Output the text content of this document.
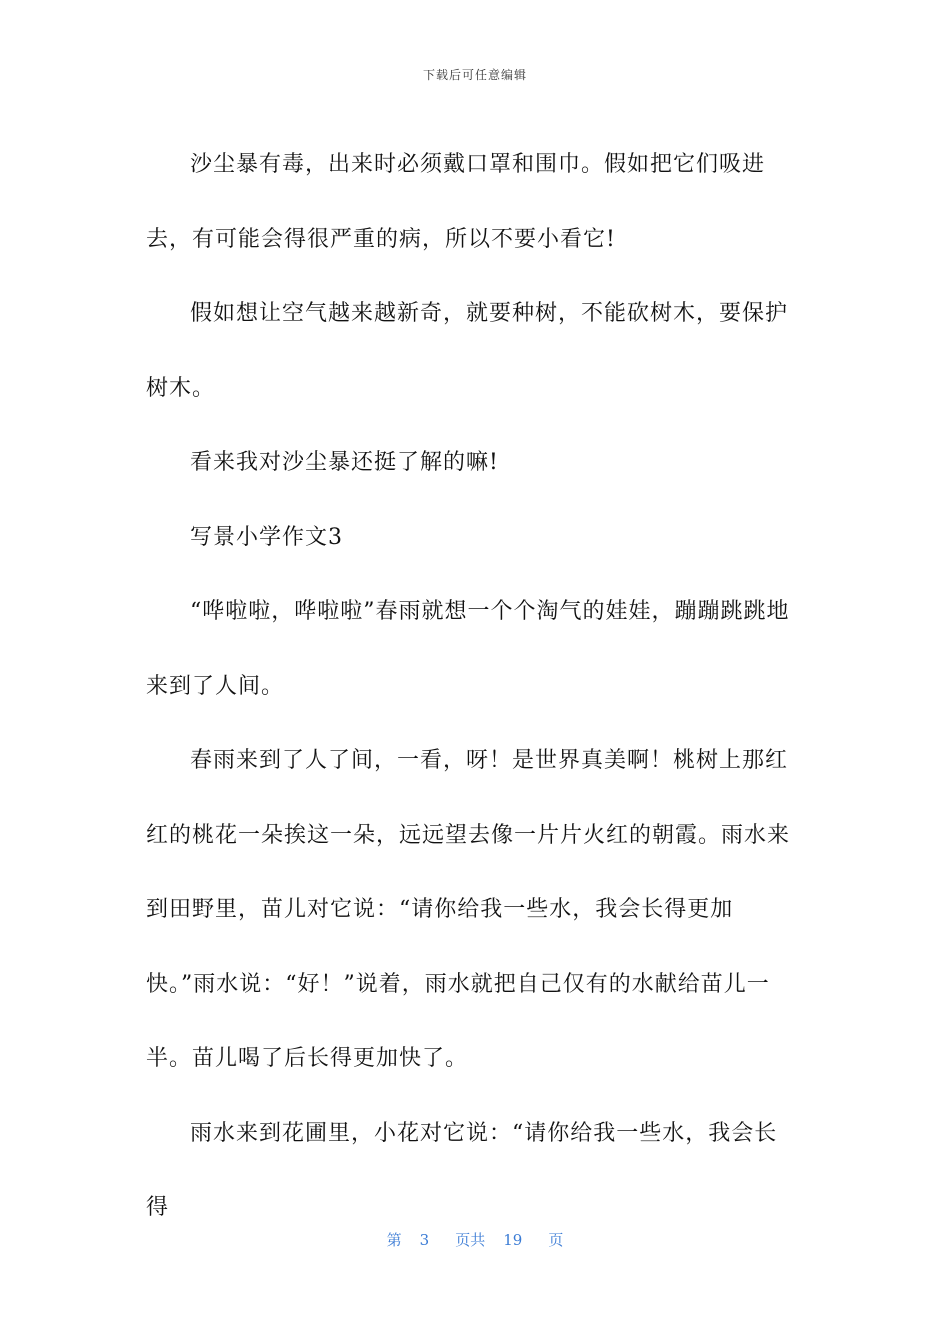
下载后可任意编辑

沙尘暴有毒，出来时必须戴口罩和围巾。假如把它们吸进去，有可能会得很严重的病，所以不要小看它!

假如想让空气越来越新奇，就要种树，不能砍树木，要保护树木。

看来我对沙尘暴还挺了解的嘛!

写景小学作文3

“哗啦啦，哗啦啦”春雨就想一个个淘气的娃娃，蹦蹦跳跳地来到了人间。

春雨来到了人了间，一看，呀！是世界真美啊！桃树上那红红的桃花一朵挨这一朵，远远望去像一片片火红的朝霞。雨水来到田野里，苗儿对它说：“请你给我一些水，我会长得更加快。”雨水说：“好！”说着，雨水就把自己仅有的水献给苗儿一半。苗儿喝了后长得更加快了。

雨水来到花圃里，小花对它说：“请你给我一些水，我会长得

第 3 页共 19 页
